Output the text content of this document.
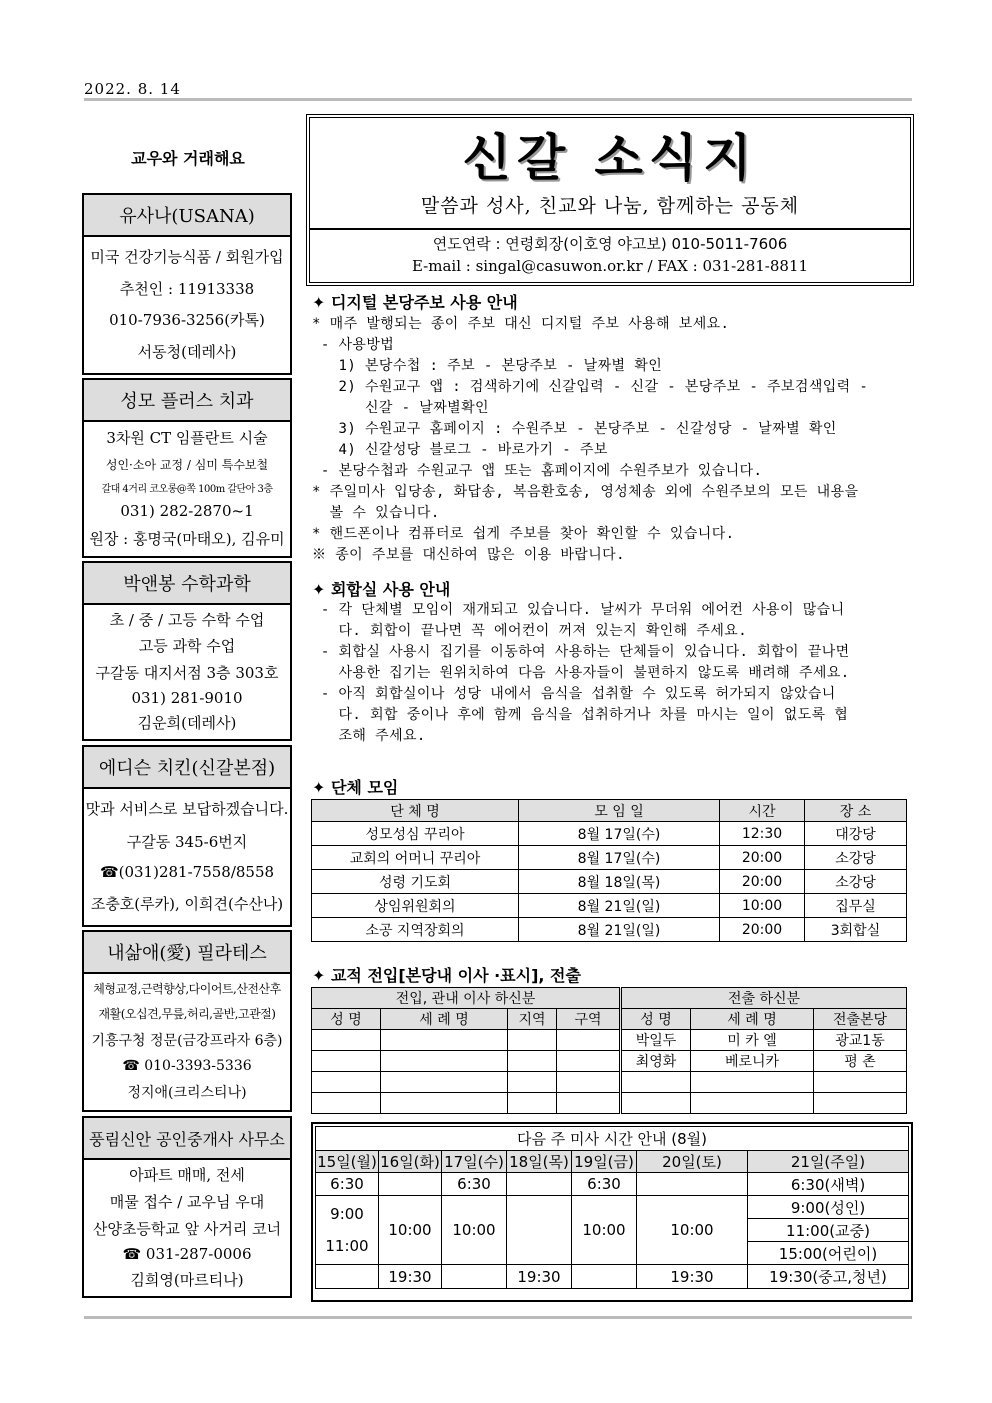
2022. 8. 14
교우와 거래해요
유사나(USANA)
미국 건강기능식품 / 회원가입
추천인 : 11913338
010-7936-3256(카톡)
서동청(데레사)
성모 플러스 치과
3차원 CT 임플란트 시술
성인·소아 교정 / 심미 특수보철
갈대 4거리 코오롱@쪽 100m 갈단아 3층
031) 282-2870~1
원장 : 홍명국(마태오), 김유미
박앤봉 수학과학
초 / 중 / 고등 수학 수업
고등 과학 수업
구갈동 대지서점 3층 303호
031) 281-9010
김운희(데레사)
에디슨 치킨(신갈본점)
맛과 서비스로 보답하겠습니다.
구갈동 345-6번지
☎(031)281-7558/8558
조충호(루카), 이희견(수산나)
내삶애(愛) 필라테스
체형교정,근력향상,다이어트,산전산후
재활(오십견,무릎,허리,골반,고관절)
기흥구청 정문(금강프라자 6층)
☎ 010-3393-5336
정지애(크리스티나)
풍림신안 공인중개사 사무소
아파트 매매, 전세
매물 접수 / 교우님 우대
산양초등학교 앞 사거리 코너
☎ 031-287-0006
김희영(마르티나)
신갈 소식지
말씀과 성사, 친교와 나눔, 함께하는 공동체
연도연락 : 연령회장(이호영 야고보) 010-5011-7606
E-mail : singal@casuwon.or.kr / FAX : 031-281-8811
✦ 디지털 본당주보 사용 안내
* 매주 발행되는 종이 주보 대신 디지털 주보 사용해 보세요.
- 사용방법
1) 본당수첩 : 주보 - 본당주보 - 날짜별 확인
2) 수원교구 앱 : 검색하기에 신갈입력 - 신갈 - 본당주보 - 주보검색입력 -
신갈 - 날짜별확인
3) 수원교구 홈페이지 : 수원주보 - 본당주보 - 신갈성당 - 날짜별 확인
4) 신갈성당 블로그 - 바로가기 - 주보
- 본당수첩과 수원교구 앱 또는 홈페이지에 수원주보가 있습니다.
* 주일미사 입당송, 화답송, 복음환호송, 영성체송 외에 수원주보의 모든 내용을
볼 수 있습니다.
* 핸드폰이나 컴퓨터로 쉽게 주보를 찾아 확인할 수 있습니다.
※ 종이 주보를 대신하여 많은 이용 바랍니다.
✦ 회합실 사용 안내
- 각 단체별 모임이 재개되고 있습니다. 날씨가 무더워 에어컨 사용이 많습니
다. 회합이 끝나면 꼭 에어컨이 꺼져 있는지 확인해 주세요.
- 회합실 사용시 집기를 이동하여 사용하는 단체들이 있습니다. 회합이 끝나면
사용한 집기는 원위치하여 다음 사용자들이 불편하지 않도록 배려해 주세요.
- 아직 회합실이나 성당 내에서 음식을 섭취할 수 있도록 허가되지 않았습니
다. 회합 중이나 후에 함께 음식을 섭취하거나 차를 마시는 일이 없도록 협
조해 주세요.
✦ 단체 모임
단 체 명	모 임 일	시간	장 소
성모성심 꾸리아	8월 17일(수)	12:30	대강당
교회의 어머니 꾸리아	8월 17일(수)	20:00	소강당
성령 기도회	8월 18일(목)	20:00	소강당
상임위원회의	8월 21일(일)	10:00	집무실
소공 지역장회의	8월 21일(일)	20:00	3회합실
✦ 교적 전입[본당내 이사 ·표시], 전출
전입, 관내 이사 하신분				전출 하신분		
성 명	세 례 명	지역	구역	성 명	세 례 명	전출본당
				박일두	미 카 엘	광교1동
				최영화	베로니카	평 촌

다음 주 미사 시간 안내 (8월)						
15일(월)	16일(화)	17일(수)	18일(목)	19일(금)	20일(토)	21일(주일)
6:30		6:30		6:30		6:30(새벽)

9:00
11:00	10:00	10:00		10:00	10:00	9:00(성인)
						11:00(교중)
						15:00(어린이)
	19:30		19:30		19:30	19:30(중고,청년)
